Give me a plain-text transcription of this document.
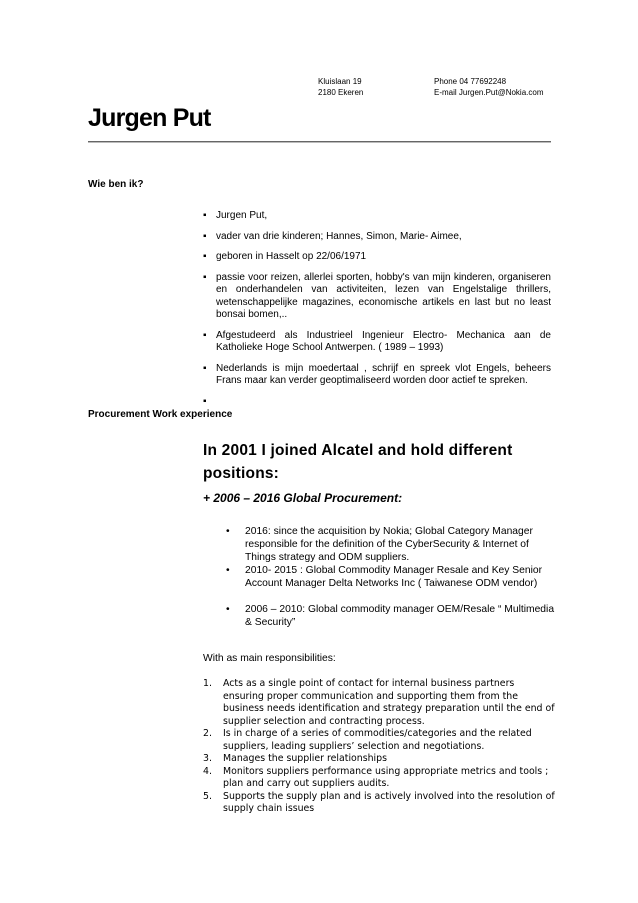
Kluislaan 19
2180 Ekeren
Phone 04 77692248
E-mail Jurgen.Put@Nokia.com
Jurgen Put
Wie ben ik?
▪ Jurgen Put,
▪ vader van drie kinderen; Hannes, Simon, Marie- Aimee,
▪ geboren in Hasselt op 22/06/1971
▪ passie voor reizen, allerlei sporten, hobby's van mijn kinderen, organiseren en onderhandelen van activiteiten, lezen van Engelstalige thrillers, wetenschappelijke magazines, economische artikels en last but no least bonsai bomen,..
▪ Afgestudeerd als Industrieel Ingenieur Electro- Mechanica aan de Katholieke Hoge School Antwerpen. ( 1989 – 1993)
▪ Nederlands is mijn moedertaal , schrijf en spreek vlot Engels, beheers Frans maar kan verder geoptimaliseerd worden door actief te spreken.
Procurement Work experience
In 2001 I joined Alcatel and hold different positions:
+ 2006 – 2016 Global Procurement:
• 2016: since the acquisition by Nokia; Global Category Manager responsible for the definition of the CyberSecurity & Internet of Things strategy and ODM suppliers.
• 2010- 2015 : Global Commodity Manager Resale and Key Senior Account Manager Delta Networks Inc ( Taiwanese ODM vendor)
• 2006 – 2010: Global commodity manager OEM/Resale “ Multimedia & Security”
With as main responsibilities:
1. Acts as a single point of contact for internal business partners ensuring proper communication and supporting them from the business needs identification and strategy preparation until the end of supplier selection and contracting process.
2. Is in charge of a series of commodities/categories and the related suppliers, leading suppliers’ selection and negotiations.
3. Manages the supplier relationships
4. Monitors suppliers performance using appropriate metrics and tools ; plan and carry out suppliers audits.
5. Supports the supply plan and is actively involved into the resolution of supply chain issues
